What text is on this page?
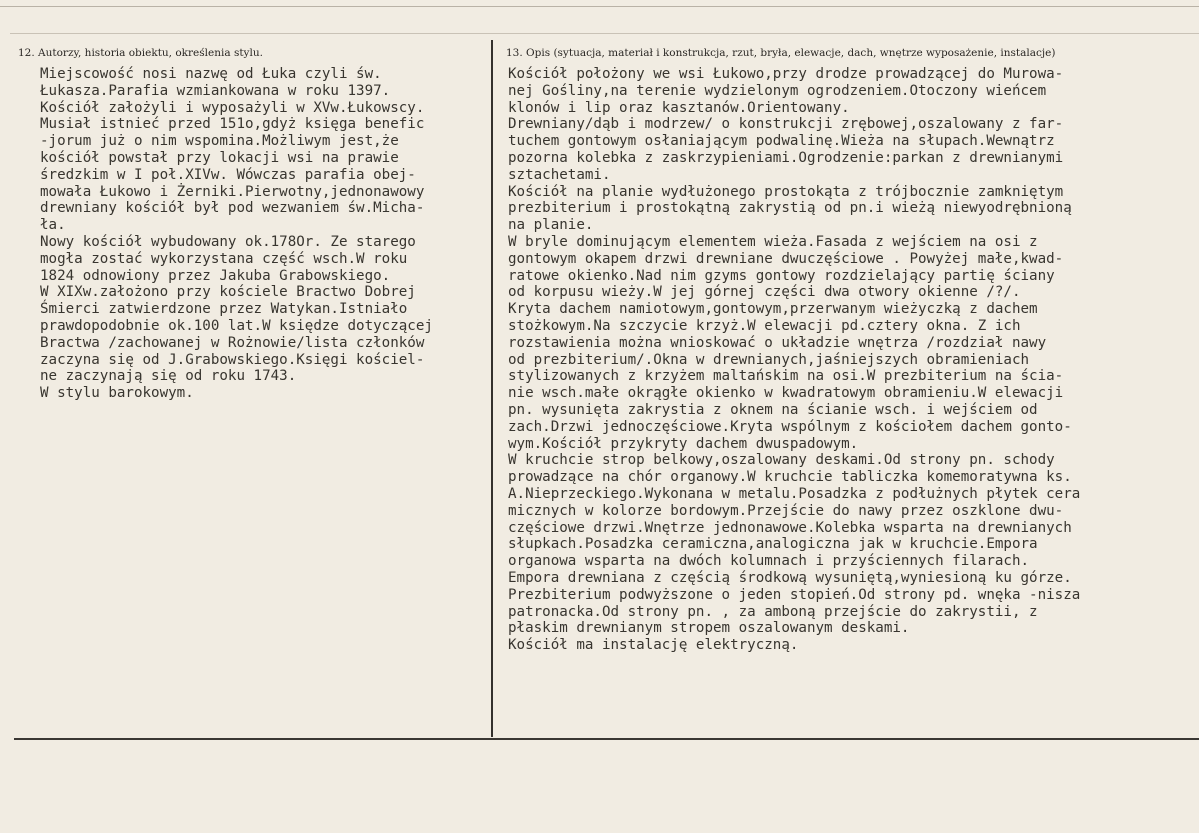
12. Autorzy, historia obiektu, określenia stylu.	13. Opis (sytuacja, materiał i konstrukcja, rzut, bryła, elewacje, dach, wnętrze wyposażenie, instalacje)
Miejscowość nosi nazwę od Łuka czyli św.
Łukasza.Parafia wzmiankowana w roku 1397.
Kościół założyli i wyposażyli w XVw.Łukowscy.
Musiał istnieć przed 151o,gdyż księga benefic
-jorum już o nim wspomina.Możliwym jest,że
kościół powstał przy lokacji wsi na prawie
średzkim w I poł.XIVw. Wówczas parafia obej-
mowała Łukowo i Żerniki.Pierwotny,jednonawowy
drewniany kościół był pod wezwaniem św.Micha-
ła.
Nowy kościół wybudowany ok.178Or. Ze starego
mogła zostać wykorzystana część wsch.W roku
1824 odnowiony przez Jakuba Grabowskiego.
W XIXw.założono przy kościele Bractwo Dobrej
Śmierci zatwierdzone przez Watykan.Istniało
prawdopodobnie ok.100 lat.W księdze dotyczącej
Bractwa /zachowanej w Rożnowie/lista członków
zaczyna się od J.Grabowskiego.Księgi kościel-
ne zaczynają się od roku 1743.
W stylu barokowym.

Kościół położony we wsi Łukowo,przy drodze prowadzącej do Murowa-
nej Gośliny,na terenie wydzielonym ogrodzeniem.Otoczony wieńcem
klonów i lip oraz kasztanów.Orientowany.
Drewniany/dąb i modrzew/ o konstrukcji zrębowej,oszalowany z far-
tuchem gontowym osłaniającym podwalinę.Wieża na słupach.Wewnątrz
pozorna kolebka z zaskrzypieniami.Ogrodzenie:parkan z drewnianymi
sztachetami.
Kościół na planie wydłużonego prostokąta z trójbocznie zamkniętym
prezbiterium i prostokątną zakrystią od pn.i wieżą niewyodrębnioną
na planie.
W bryle dominującym elementem wieża.Fasada z wejściem na osi z
gontowym okapem drzwi drewniane dwuczęściowe . Powyżej małe,kwad-
ratowe okienko.Nad nim gzyms gontowy rozdzielający partię ściany
od korpusu wieży.W jej górnej części dwa otwory okienne /?/.
Kryta dachem namiotowym,gontowym,przerwanym wieżyczką z dachem
stożkowym.Na szczycie krzyż.W elewacji pd.cztery okna. Z ich
rozstawienia można wnioskować o układzie wnętrza /rozdział nawy
od prezbiterium/.Okna w drewnianych,jaśniejszych obramieniach
stylizowanych z krzyżem maltańskim na osi.W prezbiterium na ścia-
nie wsch.małe okrągłe okienko w kwadratowym obramieniu.W elewacji
pn. wysunięta zakrystia z oknem na ścianie wsch. i wejściem od
zach.Drzwi jednoczęściowe.Kryta wspólnym z kościołem dachem gonto-
wym.Kościół przykryty dachem dwuspadowym.
W kruchcie strop belkowy,oszalowany deskami.Od strony pn. schody
prowadzące na chór organowy.W kruchcie tabliczka komemoratywna ks.
A.Nieprzeckiego.Wykonana w metalu.Posadzka z podłużnych płytek cera
micznych w kolorze bordowym.Przejście do nawy przez oszklone dwu-
częściowe drzwi.Wnętrze jednonawowe.Kolebka wsparta na drewnianych
słupkach.Posadzka ceramiczna,analogiczna jak w kruchcie.Empora
organowa wsparta na dwóch kolumnach i przyściennych filarach.
Empora drewniana z częścią środkową wysuniętą,wyniesioną ku górze.
Prezbiterium podwyższone o jeden stopień.Od strony pd. wnęka -nisza
patronacka.Od strony pn. , za amboną przejście do zakrystii, z
płaskim drewnianym stropem oszalowanym deskami.
Kościół ma instalację elektryczną.
